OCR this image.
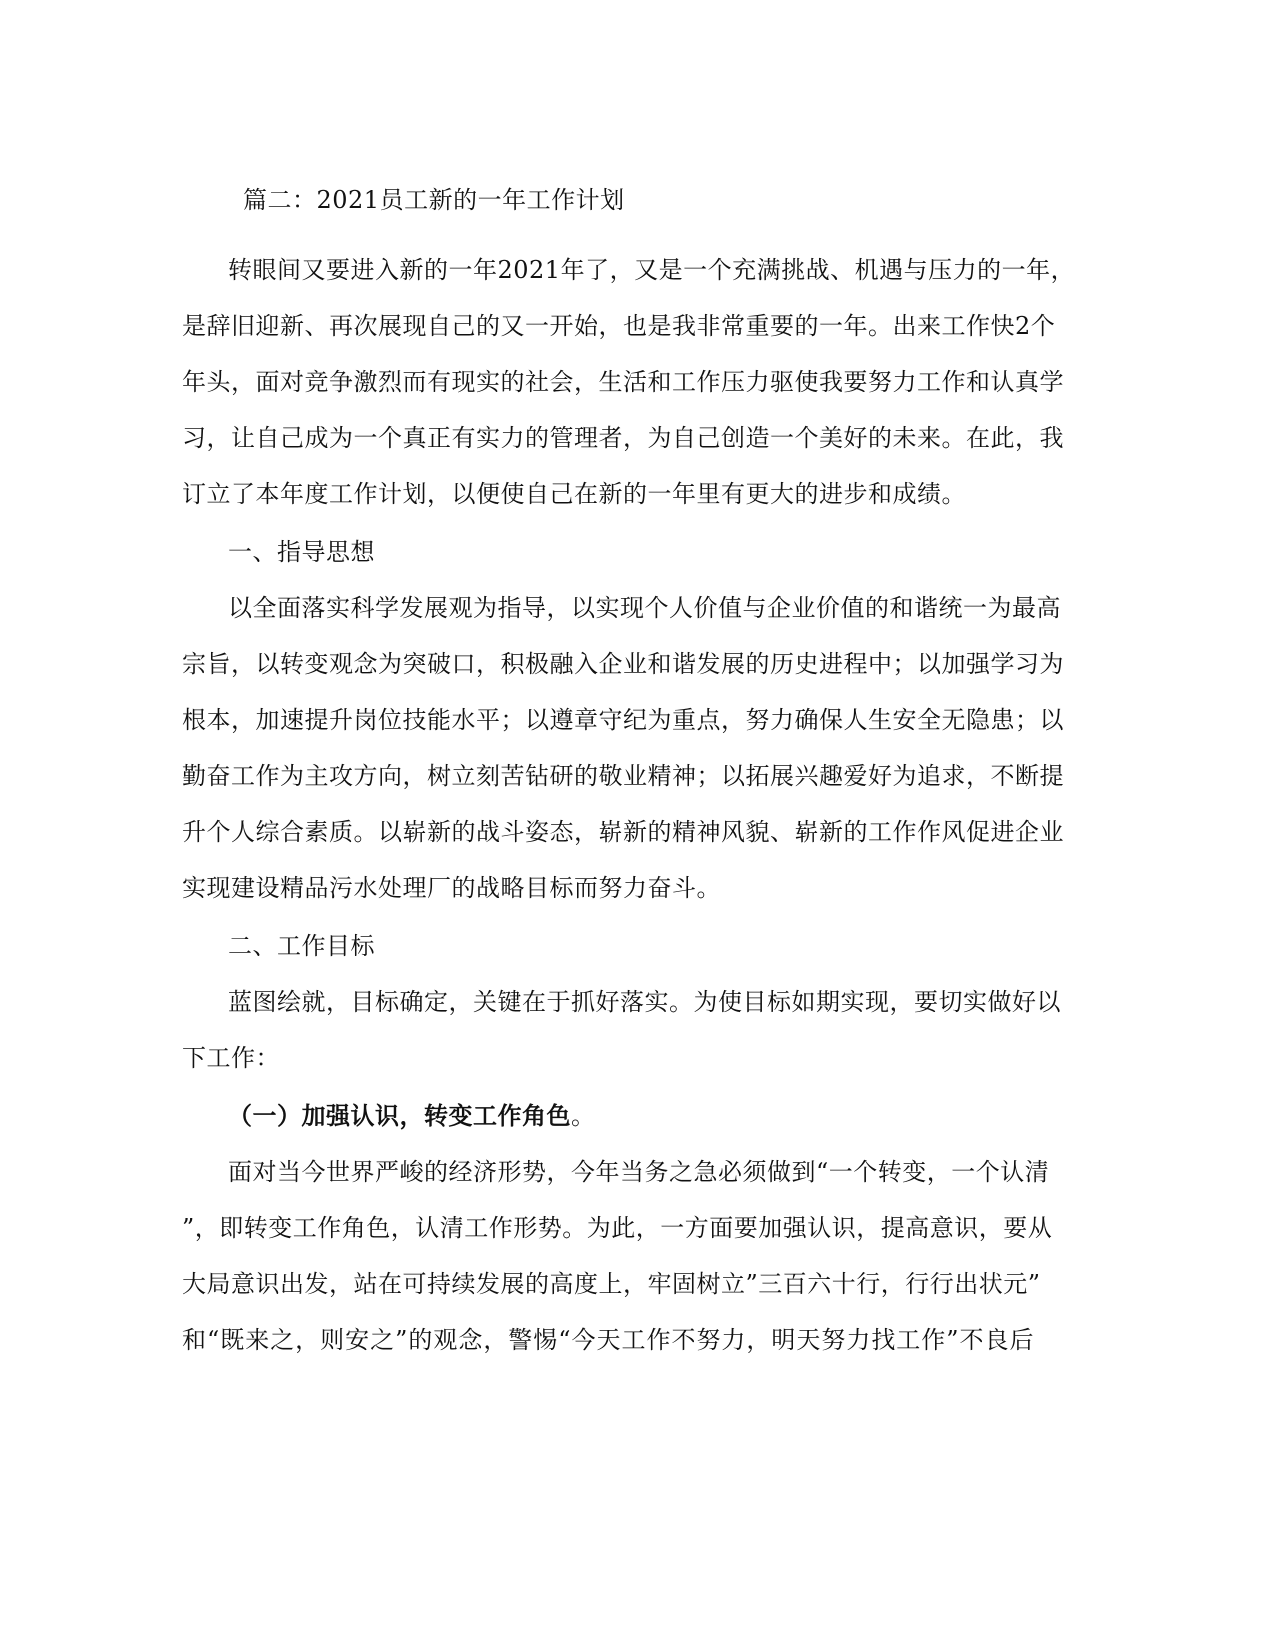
篇二：2021员工新的一年工作计划
转眼间又要进入新的一年2021年了，又是一个充满挑战、机遇与压力的一年，
是辞旧迎新、再次展现自己的又一开始，也是我非常重要的一年。出来工作快2个
年头，面对竞争激烈而有现实的社会，生活和工作压力驱使我要努力工作和认真学
习，让自己成为一个真正有实力的管理者，为自己创造一个美好的未来。在此，我
订立了本年度工作计划，以便使自己在新的一年里有更大的进步和成绩。
一、指导思想
以全面落实科学发展观为指导，以实现个人价值与企业价值的和谐统一为最高
宗旨，以转变观念为突破口，积极融入企业和谐发展的历史进程中；以加强学习为
根本，加速提升岗位技能水平；以遵章守纪为重点，努力确保人生安全无隐患；以
勤奋工作为主攻方向，树立刻苦钻研的敬业精神；以拓展兴趣爱好为追求，不断提
升个人综合素质。以崭新的战斗姿态，崭新的精神风貌、崭新的工作作风促进企业
实现建设精品污水处理厂的战略目标而努力奋斗。
二、工作目标
蓝图绘就，目标确定，关键在于抓好落实。为使目标如期实现，要切实做好以
下工作：
（一）加强认识，转变工作角色。
面对当今世界严峻的经济形势，今年当务之急必须做到“一个转变，一个认清
”，即转变工作角色，认清工作形势。为此，一方面要加强认识，提高意识，要从
大局意识出发，站在可持续发展的高度上，牢固树立”三百六十行，行行出状元”
和“既来之，则安之”的观念，警惕“今天工作不努力，明天努力找工作”不良后
